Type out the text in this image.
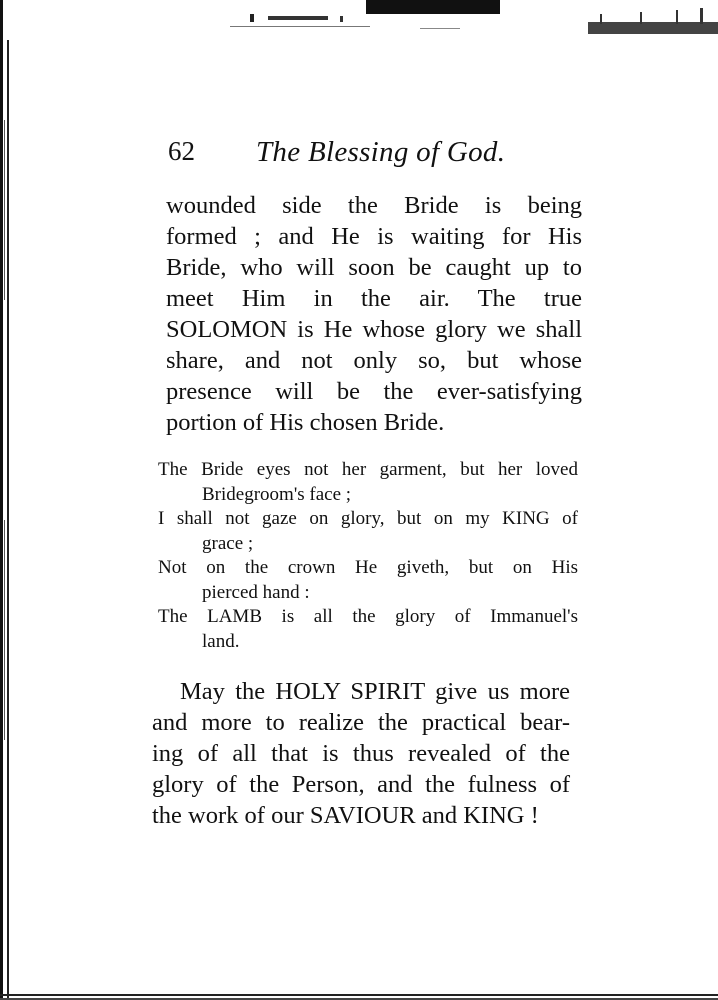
62 The Blessing of God.
wounded side the Bride is being
formed ; and He is waiting for His
Bride, who will soon be caught up to
meet Him in the air. The true
SOLOMON is He whose glory we shall
share, and not only so, but whose
presence will be the ever-satisfying
portion of His chosen Bride.
The Bride eyes not her garment, but her loved
Bridegroom's face ;
I shall not gaze on glory, but on my KING of
grace ;
Not on the crown He giveth, but on His
pierced hand :
The LAMB is all the glory of Immanuel's
land.
May the HOLY SPIRIT give us more
and more to realize the practical bear-
ing of all that is thus revealed of the
glory of the Person, and the fulness of
the work of our SAVIOUR and KING !
